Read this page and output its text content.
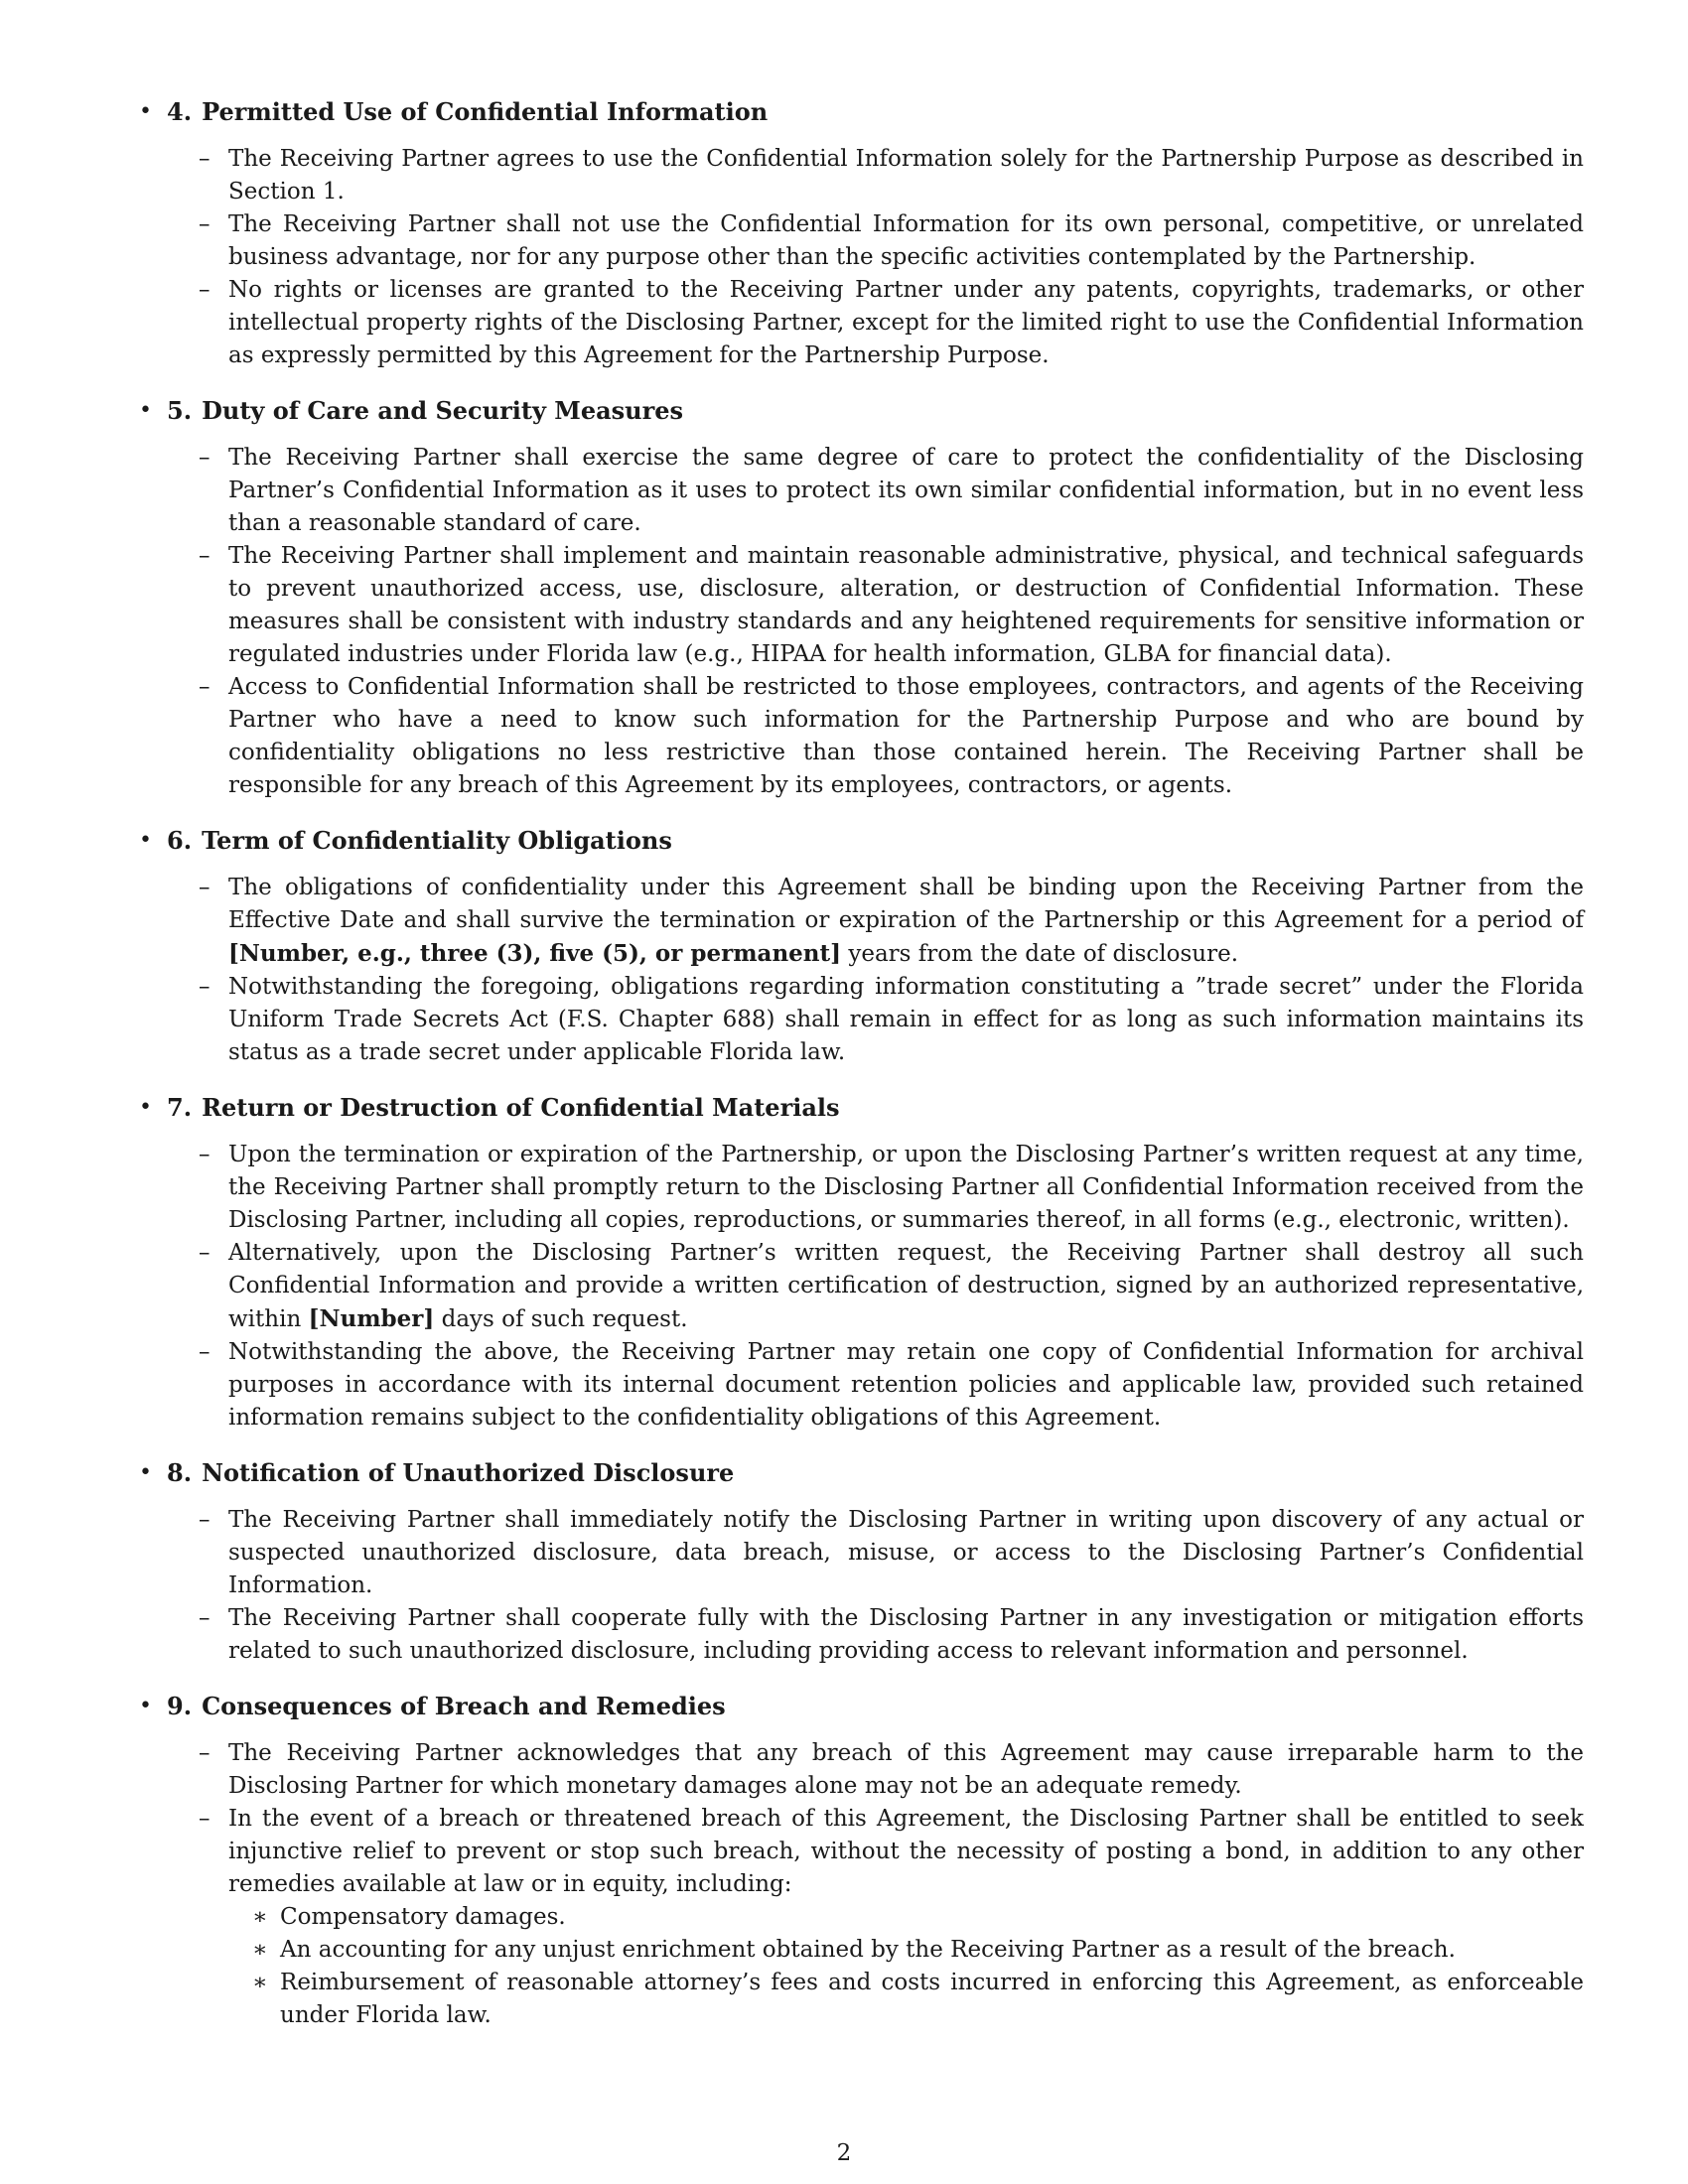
• 4. Permitted Use of Confidential Information
– The Receiving Partner agrees to use the Confidential Information solely for the Partnership Purpose as described in Section 1.
– The Receiving Partner shall not use the Confidential Information for its own personal, competitive, or unrelated business advantage, nor for any purpose other than the specific activities contemplated by the Partnership.
– No rights or licenses are granted to the Receiving Partner under any patents, copyrights, trademarks, or other intellectual property rights of the Disclosing Partner, except for the limited right to use the Confidential Information as expressly permitted by this Agreement for the Partnership Purpose.
• 5. Duty of Care and Security Measures
– The Receiving Partner shall exercise the same degree of care to protect the confidentiality of the Disclosing Partner’s Confidential Information as it uses to protect its own similar confidential information, but in no event less than a reasonable standard of care.
– The Receiving Partner shall implement and maintain reasonable administrative, physical, and technical safeguards to prevent unauthorized access, use, disclosure, alteration, or destruction of Confidential Information. These measures shall be consistent with industry standards and any heightened requirements for sensitive information or regulated industries under Florida law (e.g., HIPAA for health information, GLBA for financial data).
– Access to Confidential Information shall be restricted to those employees, contractors, and agents of the Receiving Partner who have a need to know such information for the Partnership Purpose and who are bound by confidentiality obligations no less restrictive than those contained herein. The Receiving Partner shall be responsible for any breach of this Agreement by its employees, contractors, or agents.
• 6. Term of Confidentiality Obligations
– The obligations of confidentiality under this Agreement shall be binding upon the Receiving Partner from the Effective Date and shall survive the termination or expiration of the Partnership or this Agreement for a period of [Number, e.g., three (3), five (5), or permanent] years from the date of disclosure.
– Notwithstanding the foregoing, obligations regarding information constituting a ”trade secret” under the Florida Uniform Trade Secrets Act (F.S. Chapter 688) shall remain in effect for as long as such information maintains its status as a trade secret under applicable Florida law.
• 7. Return or Destruction of Confidential Materials
– Upon the termination or expiration of the Partnership, or upon the Disclosing Partner’s written request at any time, the Receiving Partner shall promptly return to the Disclosing Partner all Confidential Information received from the Disclosing Partner, including all copies, reproductions, or summaries thereof, in all forms (e.g., electronic, written).
– Alternatively, upon the Disclosing Partner’s written request, the Receiving Partner shall destroy all such Confidential Information and provide a written certification of destruction, signed by an authorized representative, within [Number] days of such request.
– Notwithstanding the above, the Receiving Partner may retain one copy of Confidential Information for archival purposes in accordance with its internal document retention policies and applicable law, provided such retained information remains subject to the confidentiality obligations of this Agreement.
• 8. Notification of Unauthorized Disclosure
– The Receiving Partner shall immediately notify the Disclosing Partner in writing upon discovery of any actual or suspected unauthorized disclosure, data breach, misuse, or access to the Disclosing Partner’s Confidential Information.
– The Receiving Partner shall cooperate fully with the Disclosing Partner in any investigation or mitigation efforts related to such unauthorized disclosure, including providing access to relevant information and personnel.
• 9. Consequences of Breach and Remedies
– The Receiving Partner acknowledges that any breach of this Agreement may cause irreparable harm to the Disclosing Partner for which monetary damages alone may not be an adequate remedy.
– In the event of a breach or threatened breach of this Agreement, the Disclosing Partner shall be entitled to seek injunctive relief to prevent or stop such breach, without the necessity of posting a bond, in addition to any other remedies available at law or in equity, including:
∗ Compensatory damages.
∗ An accounting for any unjust enrichment obtained by the Receiving Partner as a result of the breach.
∗ Reimbursement of reasonable attorney’s fees and costs incurred in enforcing this Agreement, as enforceable under Florida law.
2
